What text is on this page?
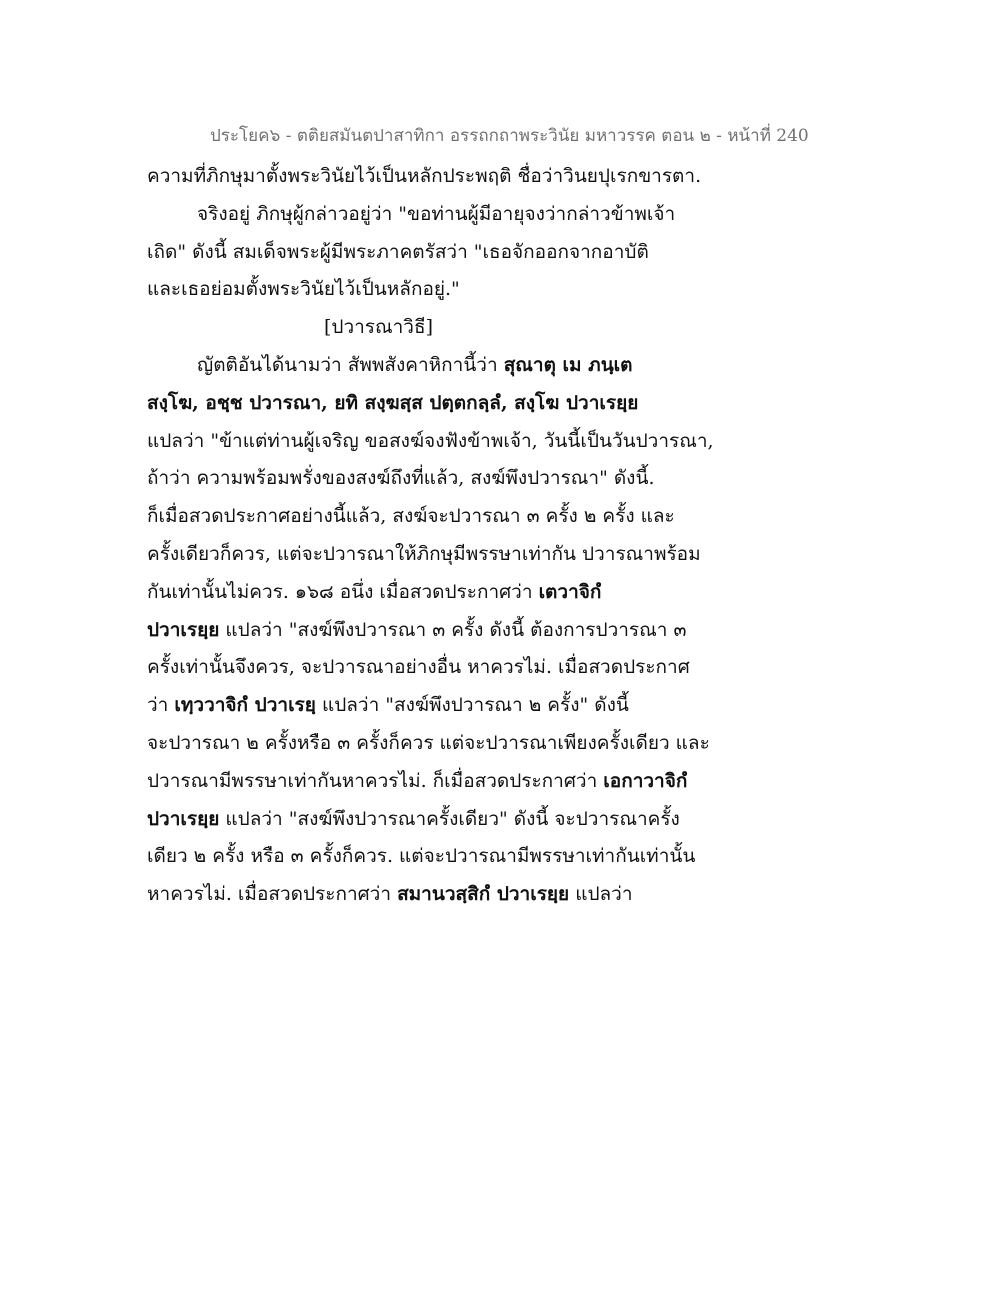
ประโยค๖ - ตติยสมันตปาสาทิกา อรรถกถาพระวินัย มหาวรรค ตอน ๒ - หน้าที่ 240
ความที่ภิกษุมาตั้งพระวินัยไว้เป็นหลักประพฤติ ชื่อว่าวินยปุเรกขารตา.
จริงอยู่ ภิกษุผู้กล่าวอยู่ว่า "ขอท่านผู้มีอายุจงว่ากล่าวข้าพเจ้า
เถิด" ดังนี้ สมเด็จพระผู้มีพระภาคตรัสว่า "เธอจักออกจากอาบัติ
และเธอย่อมตั้งพระวินัยไว้เป็นหลักอยู่."
[ปวารณาวิธี]
ญัตติอันได้นามว่า สัพพสังคาหิกานี้ว่า สุณาตุ เม ภนฺเต
สงฺโฆ, อชฺช ปวารณา, ยทิ สงฺฆสฺส ปตฺตกลฺลํ, สงฺโฆ ปวาเรยฺย
แปลว่า "ข้าแต่ท่านผู้เจริญ ขอสงฆ์จงฟังข้าพเจ้า, วันนี้เป็นวันปวารณา,
ถ้าว่า ความพร้อมพรั่งของสงฆ์ถึงที่แล้ว, สงฆ์พึงปวารณา" ดังนี้.
ก็เมื่อสวดประกาศอย่างนี้แล้ว, สงฆ์จะปวารณา ๓ ครั้ง ๒ ครั้ง และ
ครั้งเดียวก็ควร, แต่จะปวารณาให้ภิกษุมีพรรษาเท่ากัน ปวารณาพร้อม
กันเท่านั้นไม่ควร. ๑๖๘ อนึ่ง เมื่อสวดประกาศว่า เตวาจิกํ
ปวาเรยฺย แปลว่า "สงฆ์พึงปวารณา ๓ ครั้ง ดังนี้ ต้องการปวารณา ๓
ครั้งเท่านั้นจึงควร, จะปวารณาอย่างอื่น หาควรไม่. เมื่อสวดประกาศ
ว่า เทฺววาจิกํ ปวาเรยฺ แปลว่า "สงฆ์พึงปวารณา ๒ ครั้ง" ดังนี้
จะปวารณา ๒ ครั้งหรือ ๓ ครั้งก็ควร แต่จะปวารณาเพียงครั้งเดียว และ
ปวารณามีพรรษาเท่ากันหาควรไม่. ก็เมื่อสวดประกาศว่า เอกาวาจิกํ
ปวาเรยฺย แปลว่า "สงฆ์พึงปวารณาครั้งเดียว" ดังนี้ จะปวารณาครั้ง
เดียว ๒ ครั้ง หรือ ๓ ครั้งก็ควร. แต่จะปวารณามีพรรษาเท่ากันเท่านั้น
หาควรไม่. เมื่อสวดประกาศว่า สมานวสฺสิกํ ปวาเรยฺย แปลว่า
